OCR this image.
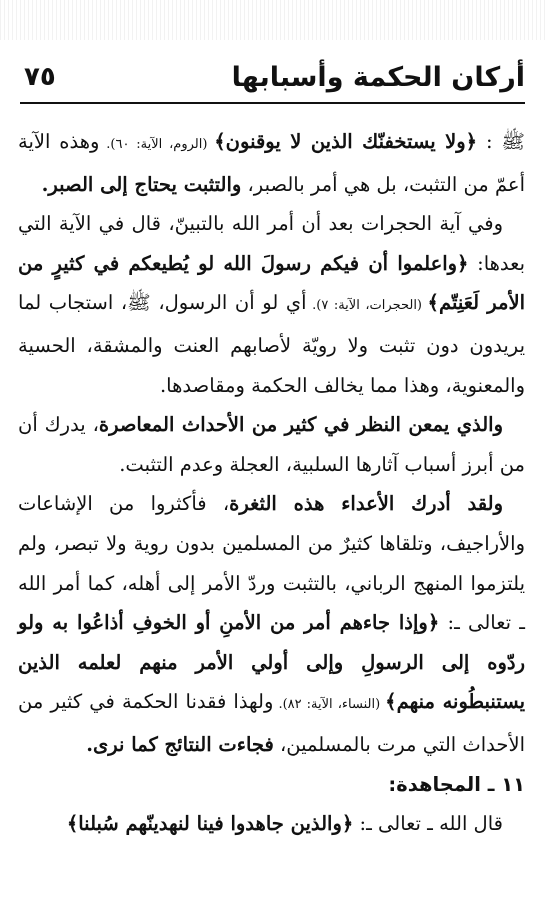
٧٥	أركان الحكمة وأسبابها

ﷺ : ﴿ولا يستخفنّك الذين لا يوقنون﴾ (الروم، الآية: ٦٠). وهذه الآية أعمّ من التثبت، بل هي أمر بالصبر، والتثبت يحتاج إلى الصبر.

وفي آية الحجرات بعد أن أمر الله بالتبينّ، قال في الآية التي بعدها: ﴿واعلموا أن فيكم رسولَ الله لو يُطيعكم في كثيرٍ من الأمر لَعَنِتّم﴾ (الحجرات، الآية: ٧). أي لو أن الرسول، ﷺ، استجاب لما يريدون دون تثبت ولا رويّة لأصابهم العنت والمشقة، الحسية والمعنوية، وهذا مما يخالف الحكمة ومقاصدها.

والذي يمعن النظر في كثير من الأحداث المعاصرة، يدرك أن من أبرز أسباب آثارها السلبية، العجلة وعدم التثبت.

ولقد أدرك الأعداء هذه الثغرة، فأكثروا من الإشاعات والأراجيف، وتلقاها كثيرٌ من المسلمين بدون روية ولا تبصر، ولم يلتزموا المنهج الرباني، بالتثبت وردّ الأمر إلى أهله، كما أمر الله ـ تعالى ـ: ﴿وإذا جاءهم أمر من الأمنِ أو الخوفِ أذاعُوا به ولو ردّوه إلى الرسولِ وإلى أولي الأمر منهم لعلمه الذين يستنبطُونه منهم﴾ (النساء، الآية: ٨٢). ولهذا فقدنا الحكمة في كثير من الأحداث التي مرت بالمسلمين، فجاءت النتائج كما نرى.

١١ ـ المجاهدة:

قال الله ـ تعالى ـ: ﴿والذين جاهدوا فينا لنهدينّهم سُبلنا﴾
